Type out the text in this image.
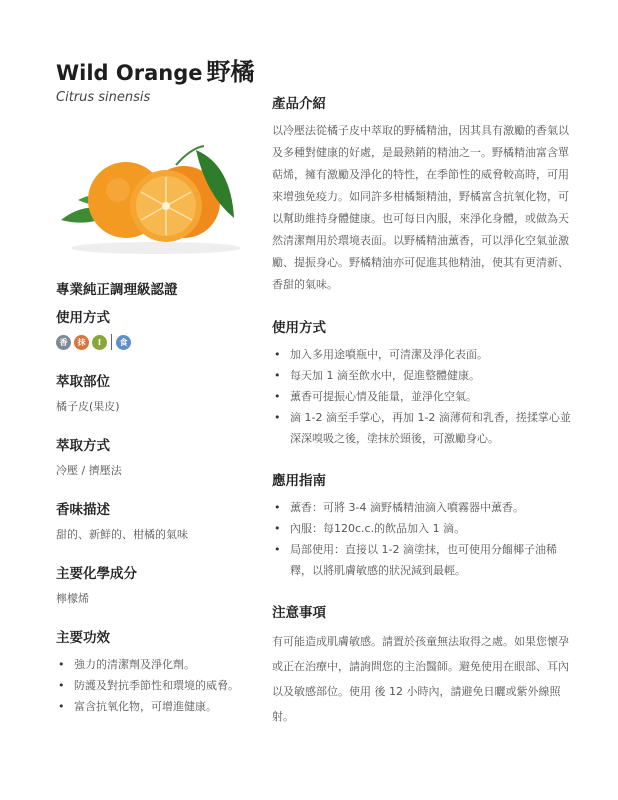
Wild Orange 野橘
Citrus sinensis
專業純正調理級認證
使用方式
香	抹	I	食
萃取部位

橘子皮(果皮)

萃取方式

冷壓 / 擠壓法

香味描述

甜的、新鮮的、柑橘的氣味

主要化學成分

檸檬烯

主要功效
• 強力的清潔劑及淨化劑。
• 防護及對抗季節性和環境的威脅。
• 富含抗氧化物，可增進健康。
產品介紹

以冷壓法從橘子皮中萃取的野橘精油，因其具有激勵的香氣以及多種對健康的好處，是最熱銷的精油之一。野橘精油富含單萜烯，擁有激勵及淨化的特性，在季節性的威脅較高時，可用來增強免疫力。如同許多柑橘類精油，野橘富含抗氧化物，可以幫助維持身體健康。也可每日內服，來淨化身體，或做為天然清潔劑用於環境表面。以野橘精油薰香，可以淨化空氣並激勵、提振身心。野橘精油亦可促進其他精油，使其有更清新、香甜的氣味。

使用方式
• 加入多用途噴瓶中，可清潔及淨化表面。
• 每天加 1 滴至飲水中，促進整體健康。
• 薰香可提振心情及能量，並淨化空氣。
• 滴 1-2 滴至手掌心，再加 1-2 滴薄荷和乳香，搓揉掌心並深深嗅吸之後，塗抹於頸後，可激勵身心。
應用指南
• 薰香：可將 3-4 滴野橘精油滴入噴霧器中薰香。
• 內服：每120c.c.的飲品加入 1 滴。
• 局部使用：直接以 1-2 滴塗抹，也可使用分餾椰子油稀釋，以將肌膚敏感的狀況減到最輕。
注意事項

有可能造成肌膚敏感。請置於孩童無法取得之處。如果您懷孕或正在治療中，請詢問您的主治醫師。避免使用在眼部、耳內以及敏感部位。使用 後 12 小時內，請避免日曬或紫外線照射。
